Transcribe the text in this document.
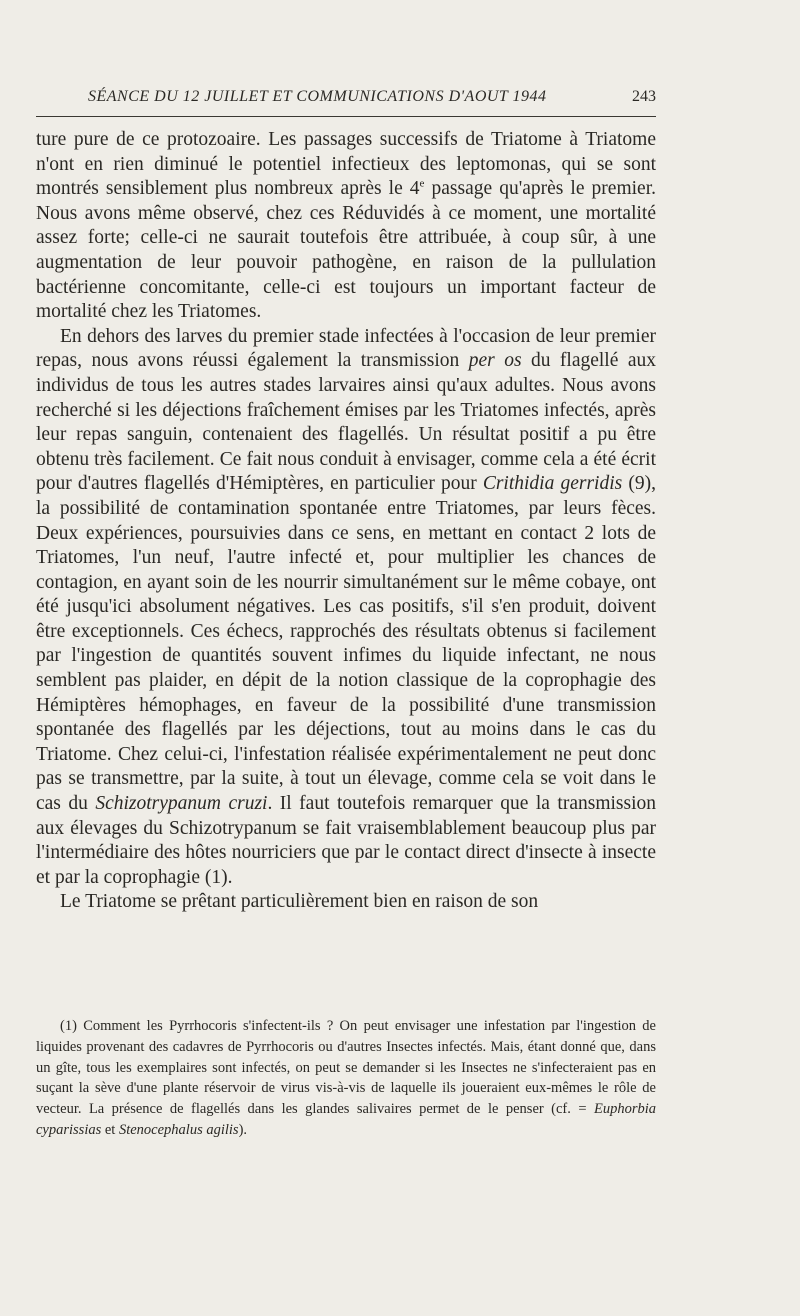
SÉANCE DU 12 JUILLET ET COMMUNICATIONS D'AOUT 1944	243

ture pure de ce protozoaire. Les passages successifs de Triatome à Triatome n'ont en rien diminué le potentiel infectieux des leptomonas, qui se sont montrés sensiblement plus nombreux après le 4e passage qu'après le premier. Nous avons même observé, chez ces Réduvidés à ce moment, une mortalité assez forte; celle-ci ne saurait toutefois être attribuée, à coup sûr, à une augmentation de leur pouvoir pathogène, en raison de la pullulation bactérienne concomitante, celle-ci est toujours un important facteur de mortalité chez les Triatomes.

En dehors des larves du premier stade infectées à l'occasion de leur premier repas, nous avons réussi également la transmission per os du flagellé aux individus de tous les autres stades larvaires ainsi qu'aux adultes. Nous avons recherché si les déjections fraîchement émises par les Triatomes infectés, après leur repas sanguin, contenaient des flagellés. Un résultat positif a pu être obtenu très facilement. Ce fait nous conduit à envisager, comme cela a été écrit pour d'autres flagellés d'Hémiptères, en particulier pour Crithidia gerridis (9), la possibilité de contamination spontanée entre Triatomes, par leurs fèces. Deux expériences, poursuivies dans ce sens, en mettant en contact 2 lots de Triatomes, l'un neuf, l'autre infecté et, pour multiplier les chances de contagion, en ayant soin de les nourrir simultanément sur le même cobaye, ont été jusqu'ici absolument négatives. Les cas positifs, s'il s'en produit, doivent être exceptionnels. Ces échecs, rapprochés des résultats obtenus si facilement par l'ingestion de quantités souvent infimes du liquide infectant, ne nous semblent pas plaider, en dépit de la notion classique de la coprophagie des Hémiptères hémophages, en faveur de la possibilité d'une transmission spontanée des flagellés par les déjections, tout au moins dans le cas du Triatome. Chez celui-ci, l'infestation réalisée expérimentalement ne peut donc pas se transmettre, par la suite, à tout un élevage, comme cela se voit dans le cas du Schizotrypanum cruzi. Il faut toutefois remarquer que la transmission aux élevages du Schizotrypanum se fait vraisemblablement beaucoup plus par l'intermédiaire des hôtes nourriciers que par le contact direct d'insecte à insecte et par la coprophagie (1).

Le Triatome se prêtant particulièrement bien en raison de son

(1) Comment les Pyrrhocoris s'infectent-ils ? On peut envisager une infestation par l'ingestion de liquides provenant des cadavres de Pyrrhocoris ou d'autres Insectes infectés. Mais, étant donné que, dans un gîte, tous les exemplaires sont infectés, on peut se demander si les Insectes ne s'infecteraient pas en suçant la sève d'une plante réservoir de virus vis-à-vis de laquelle ils joueraient eux-mêmes le rôle de vecteur. La présence de flagellés dans les glandes salivaires permet de le penser (cf. = Euphorbia cyparissias et Stenocephalus agilis).
